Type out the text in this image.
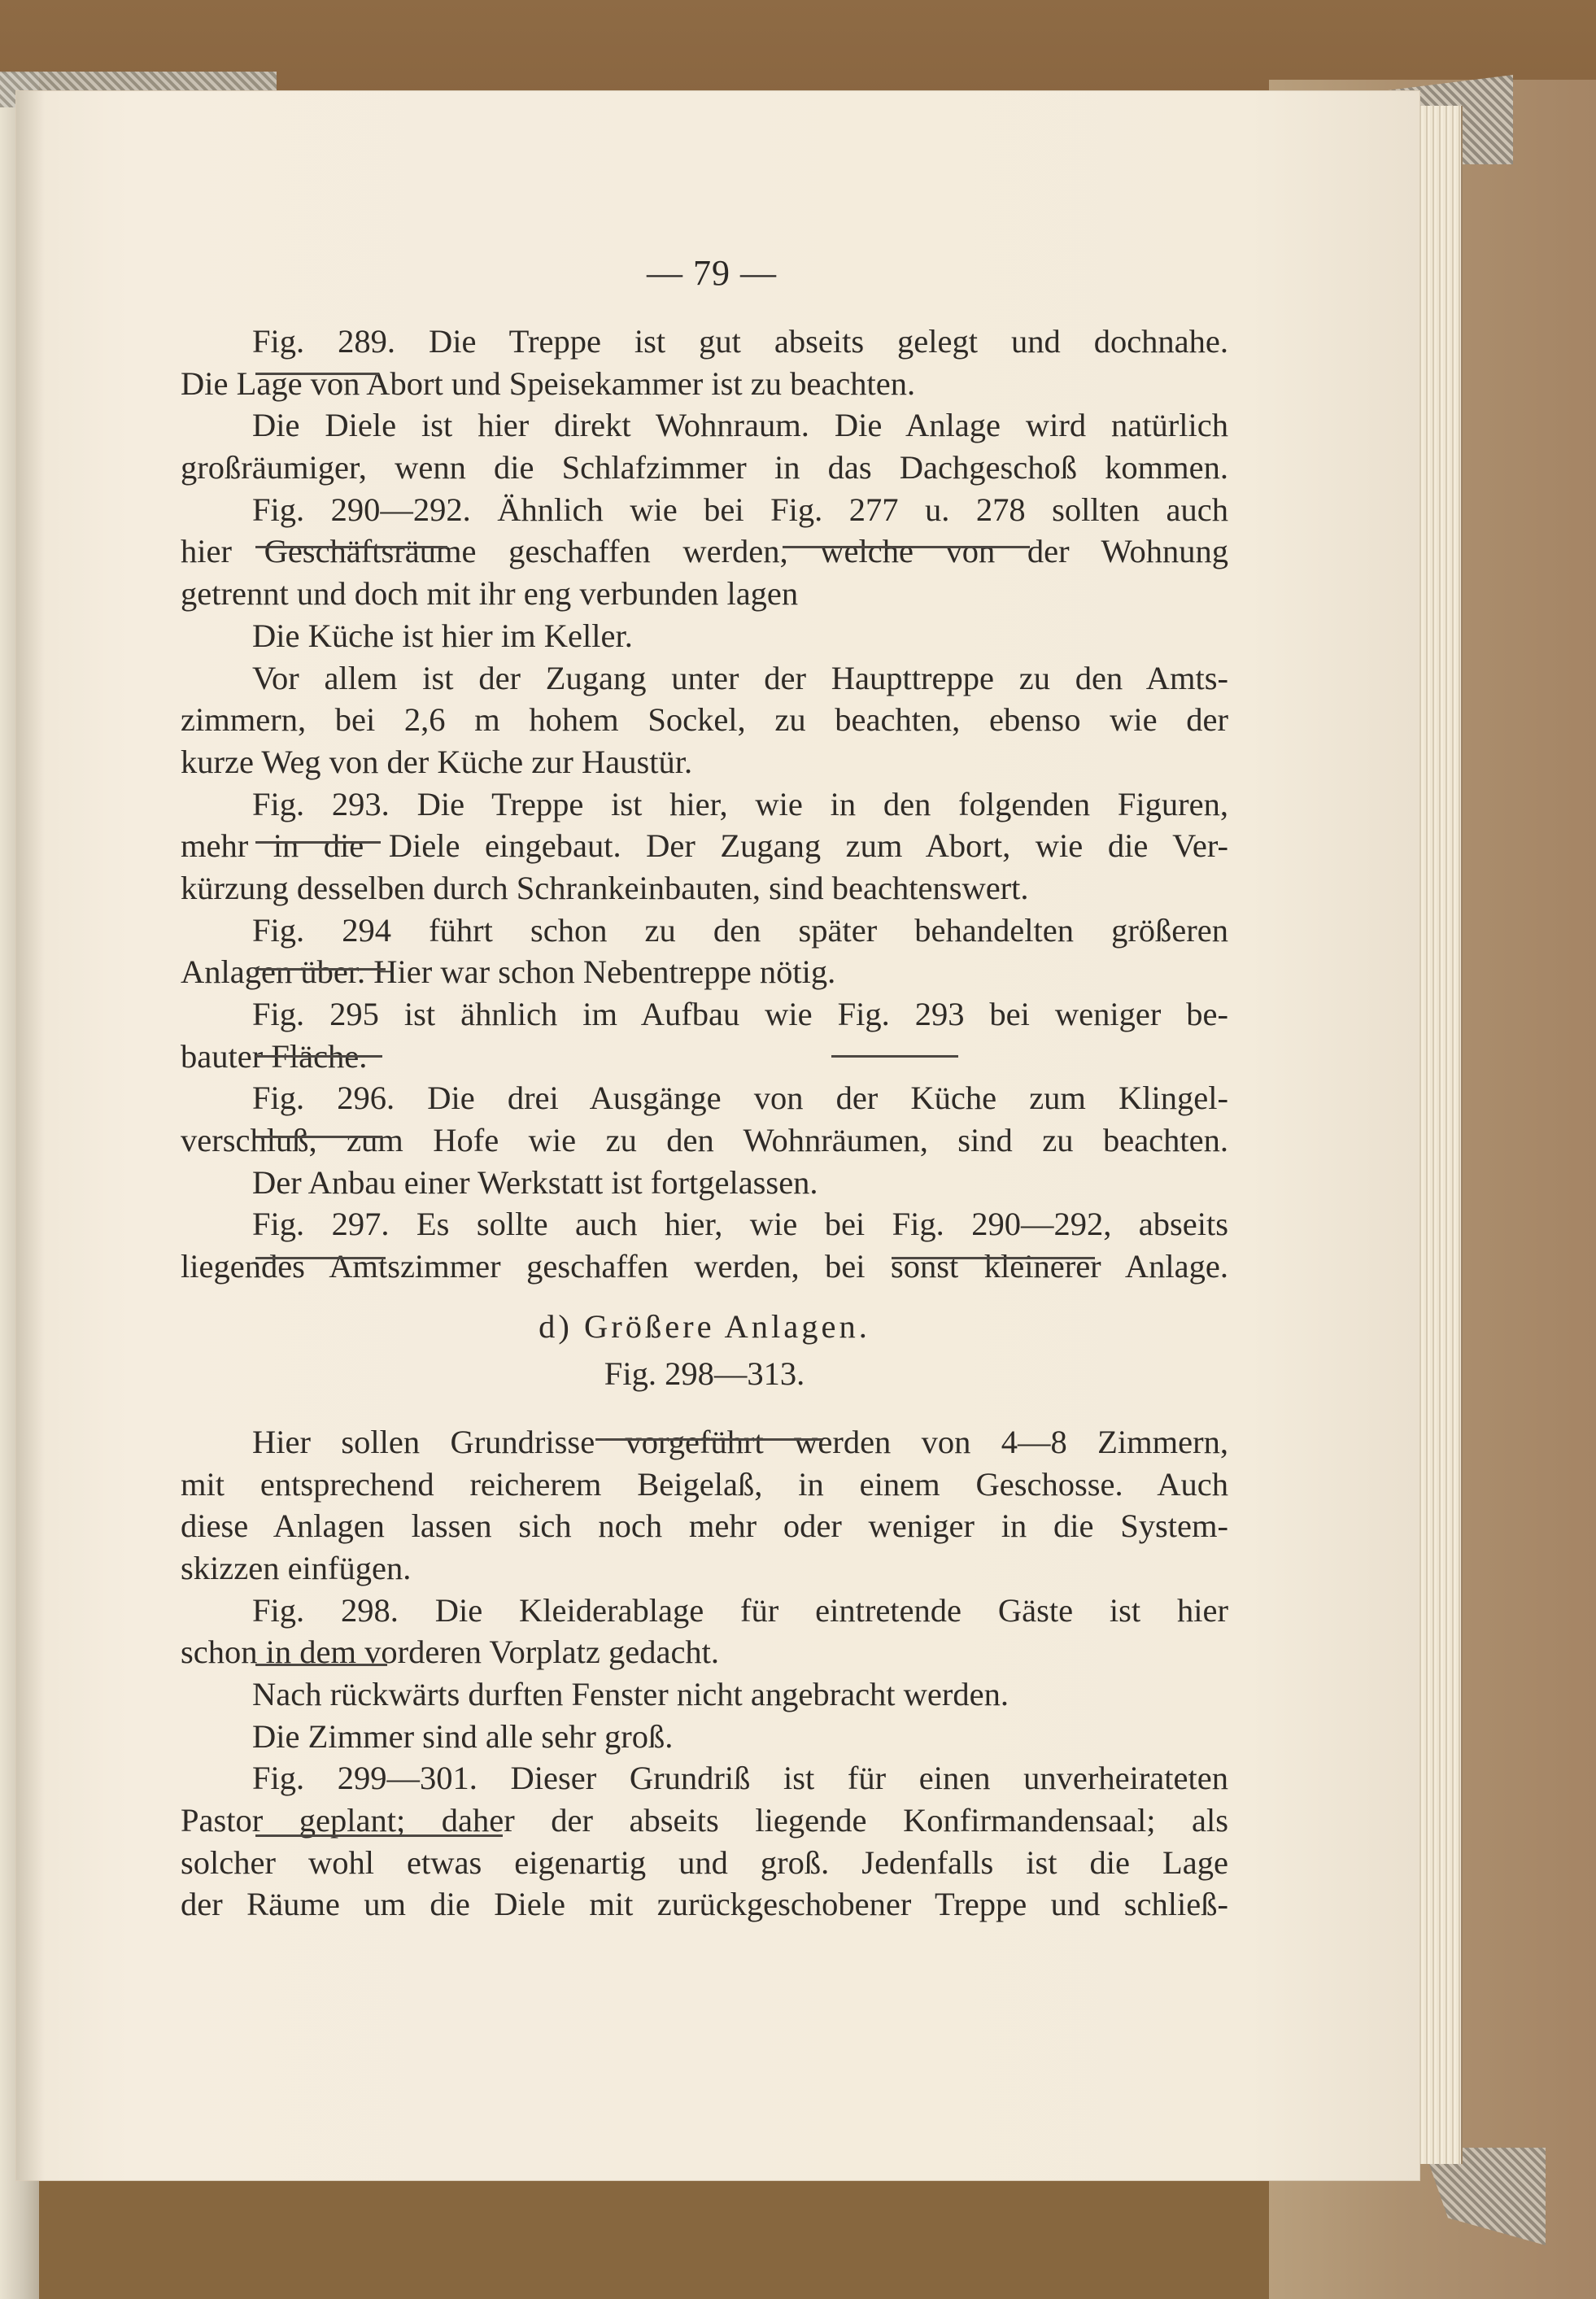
— 79 —
Fig. 289. Die Treppe ist gut abseits gelegt und dochnahe.
Die Lage von Abort und Speisekammer ist zu beachten.
Die Diele ist hier direkt Wohnraum. Die Anlage wird natürlich
großräumiger, wenn die Schlafzimmer in das Dachgeschoß kommen.
Fig. 290—292. Ähnlich wie bei Fig. 277 u. 278 sollten auch
hier Geschäftsräume geschaffen werden, welche von der Wohnung
getrennt und doch mit ihr eng verbunden lagen
Die Küche ist hier im Keller.
Vor allem ist der Zugang unter der Haupttreppe zu den Amts-
zimmern, bei 2,6 m hohem Sockel, zu beachten, ebenso wie der
kurze Weg von der Küche zur Haustür.
Fig. 293. Die Treppe ist hier, wie in den folgenden Figuren,
mehr in die Diele eingebaut. Der Zugang zum Abort, wie die Ver-
kürzung desselben durch Schrankeinbauten, sind beachtenswert.
Fig. 294 führt schon zu den später behandelten größeren
Anlagen über. Hier war schon Nebentreppe nötig.
Fig. 295 ist ähnlich im Aufbau wie Fig. 293 bei weniger be-
bauter Fläche.
Fig. 296. Die drei Ausgänge von der Küche zum Klingel-
verschluß, zum Hofe wie zu den Wohnräumen, sind zu beachten.
Der Anbau einer Werkstatt ist fortgelassen.
Fig. 297. Es sollte auch hier, wie bei Fig. 290—292, abseits
liegendes Amtszimmer geschaffen werden, bei sonst kleinerer Anlage.
d) Größere Anlagen.
Fig. 298—313.
Hier sollen Grundrisse vorgeführt werden von 4—8 Zimmern,
mit entsprechend reicherem Beigelaß, in einem Geschosse. Auch
diese Anlagen lassen sich noch mehr oder weniger in die System-
skizzen einfügen.
Fig. 298. Die Kleiderablage für eintretende Gäste ist hier
schon in dem vorderen Vorplatz gedacht.
Nach rückwärts durften Fenster nicht angebracht werden.
Die Zimmer sind alle sehr groß.
Fig. 299—301. Dieser Grundriß ist für einen unverheirateten
Pastor geplant; daher der abseits liegende Konfirmandensaal; als
solcher wohl etwas eigenartig und groß. Jedenfalls ist die Lage
der Räume um die Diele mit zurückgeschobener Treppe und schließ-
